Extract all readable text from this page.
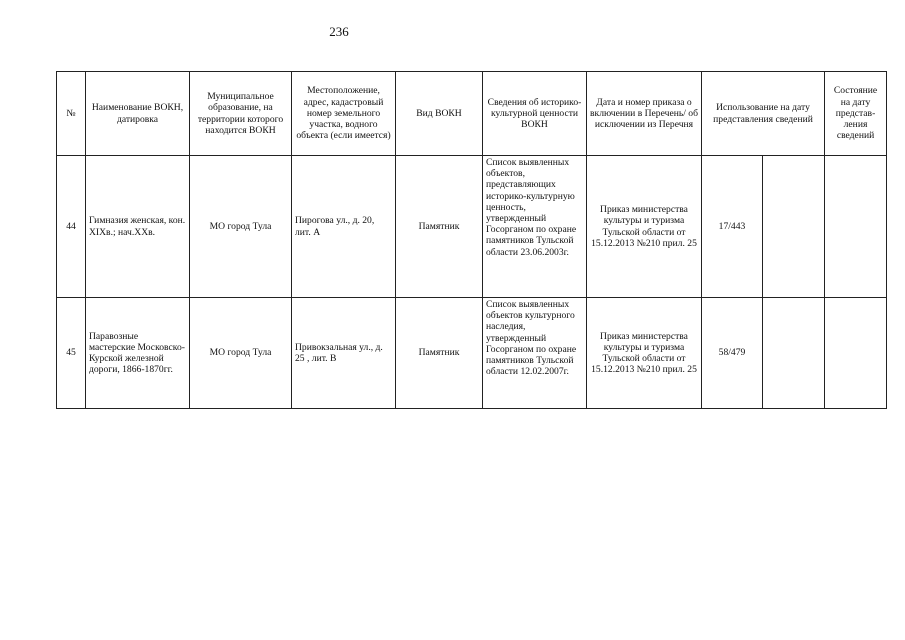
236
№	Наименование ВОКН, датировка	Муниципальное образование, на территории которого находится ВОКН	Местоположение, адрес, кадастровый номер земельного участка, водного объекта (если имеется)	Вид ВОКН	Сведения об историко-культурной ценности ВОКН	Дата и номер приказа о включении в Перечень/ об исключении из Перечня	Использование на дату представления сведений		Состояние на дату представ-ления сведений
44	Гимназия женская, кон. XIXв.; нач.XXв.	МО город Тула	Пирогова ул., д. 20, лит. А	Памятник	Список выявленных объектов, представляющих историко-культурную ценность, утвержденный Госорганом по охране памятников Тульской области 23.06.2003г.	Приказ министерства культуры и туризма Тульской области от 15.12.2013 №210 прил. 25	17/443		
45	Паравозные мастерские Московско-Курской железной дороги, 1866-1870гг.	МО город Тула	Привокзальная ул., д. 25 , лит. В	Памятник	Список выявленных объектов культурного наследия, утвержденный Госорганом по охране памятников Тульской области 12.02.2007г.	Приказ министерства культуры и туризма Тульской области от 15.12.2013 №210 прил. 25	58/479		
